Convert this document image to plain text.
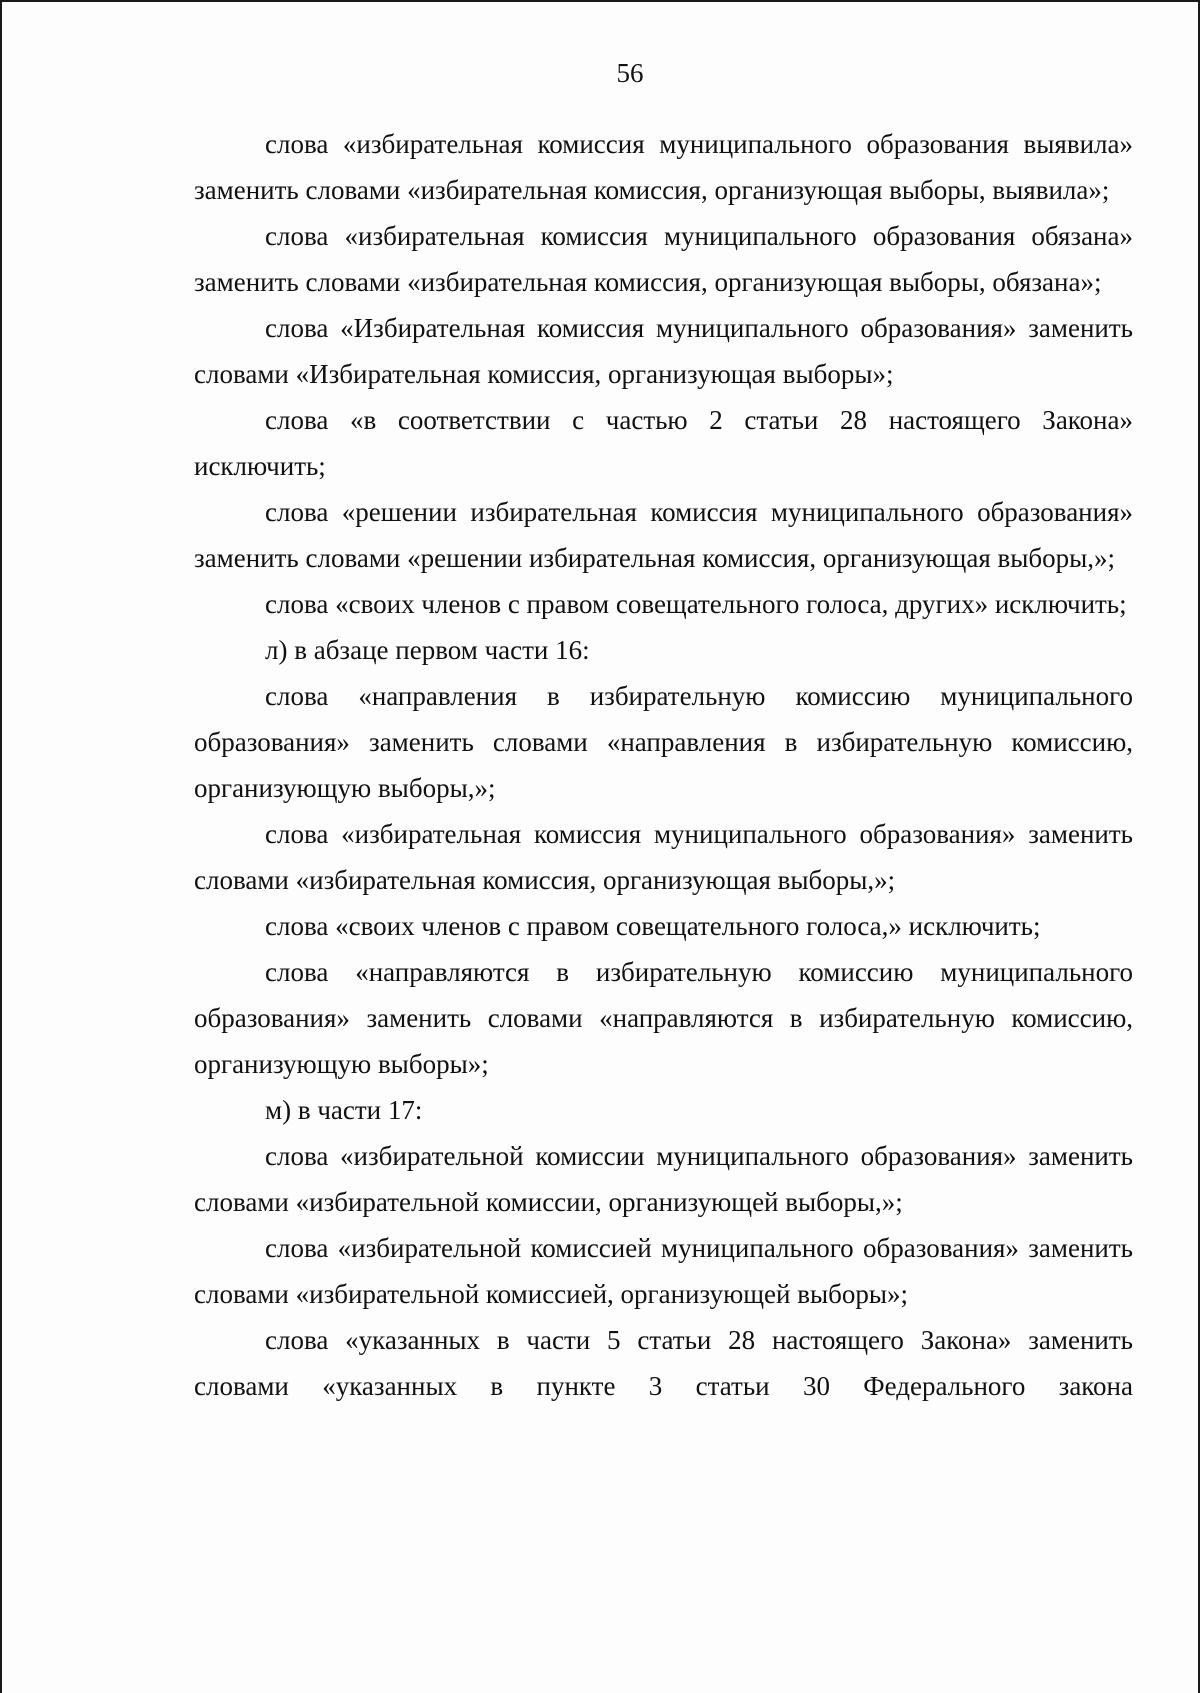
56

слова «избирательная комиссия муниципального образования выявила» заменить словами «избирательная комиссия, организующая выборы, выявила»;

слова «избирательная комиссия муниципального образования обязана» заменить словами «избирательная комиссия, организующая выборы, обязана»;

слова «Избирательная комиссия муниципального образования» заменить словами «Избирательная комиссия, организующая выборы»;

слова «в соответствии с частью 2 статьи 28 настоящего Закона» исключить;

слова «решении избирательная комиссия муниципального образования» заменить словами «решении избирательная комиссия, организующая выборы,»;

слова «своих членов с правом совещательного голоса, других» исключить;

л) в абзаце первом части 16:

слова «направления в избирательную комиссию муниципального образования» заменить словами «направления в избирательную комиссию, организующую выборы,»;

слова «избирательная комиссия муниципального образования» заменить словами «избирательная комиссия, организующая выборы,»;

слова «своих членов с правом совещательного голоса,» исключить;

слова «направляются в избирательную комиссию муниципального образования» заменить словами «направляются в избирательную комиссию, организующую выборы»;

м) в части 17:

слова «избирательной комиссии муниципального образования» заменить словами «избирательной комиссии, организующей выборы,»;

слова «избирательной комиссией муниципального образования» заменить словами «избирательной комиссией, организующей выборы»;

слова «указанных в части 5 статьи 28 настоящего Закона» заменить словами «указанных в пункте 3 статьи 30 Федерального закона
